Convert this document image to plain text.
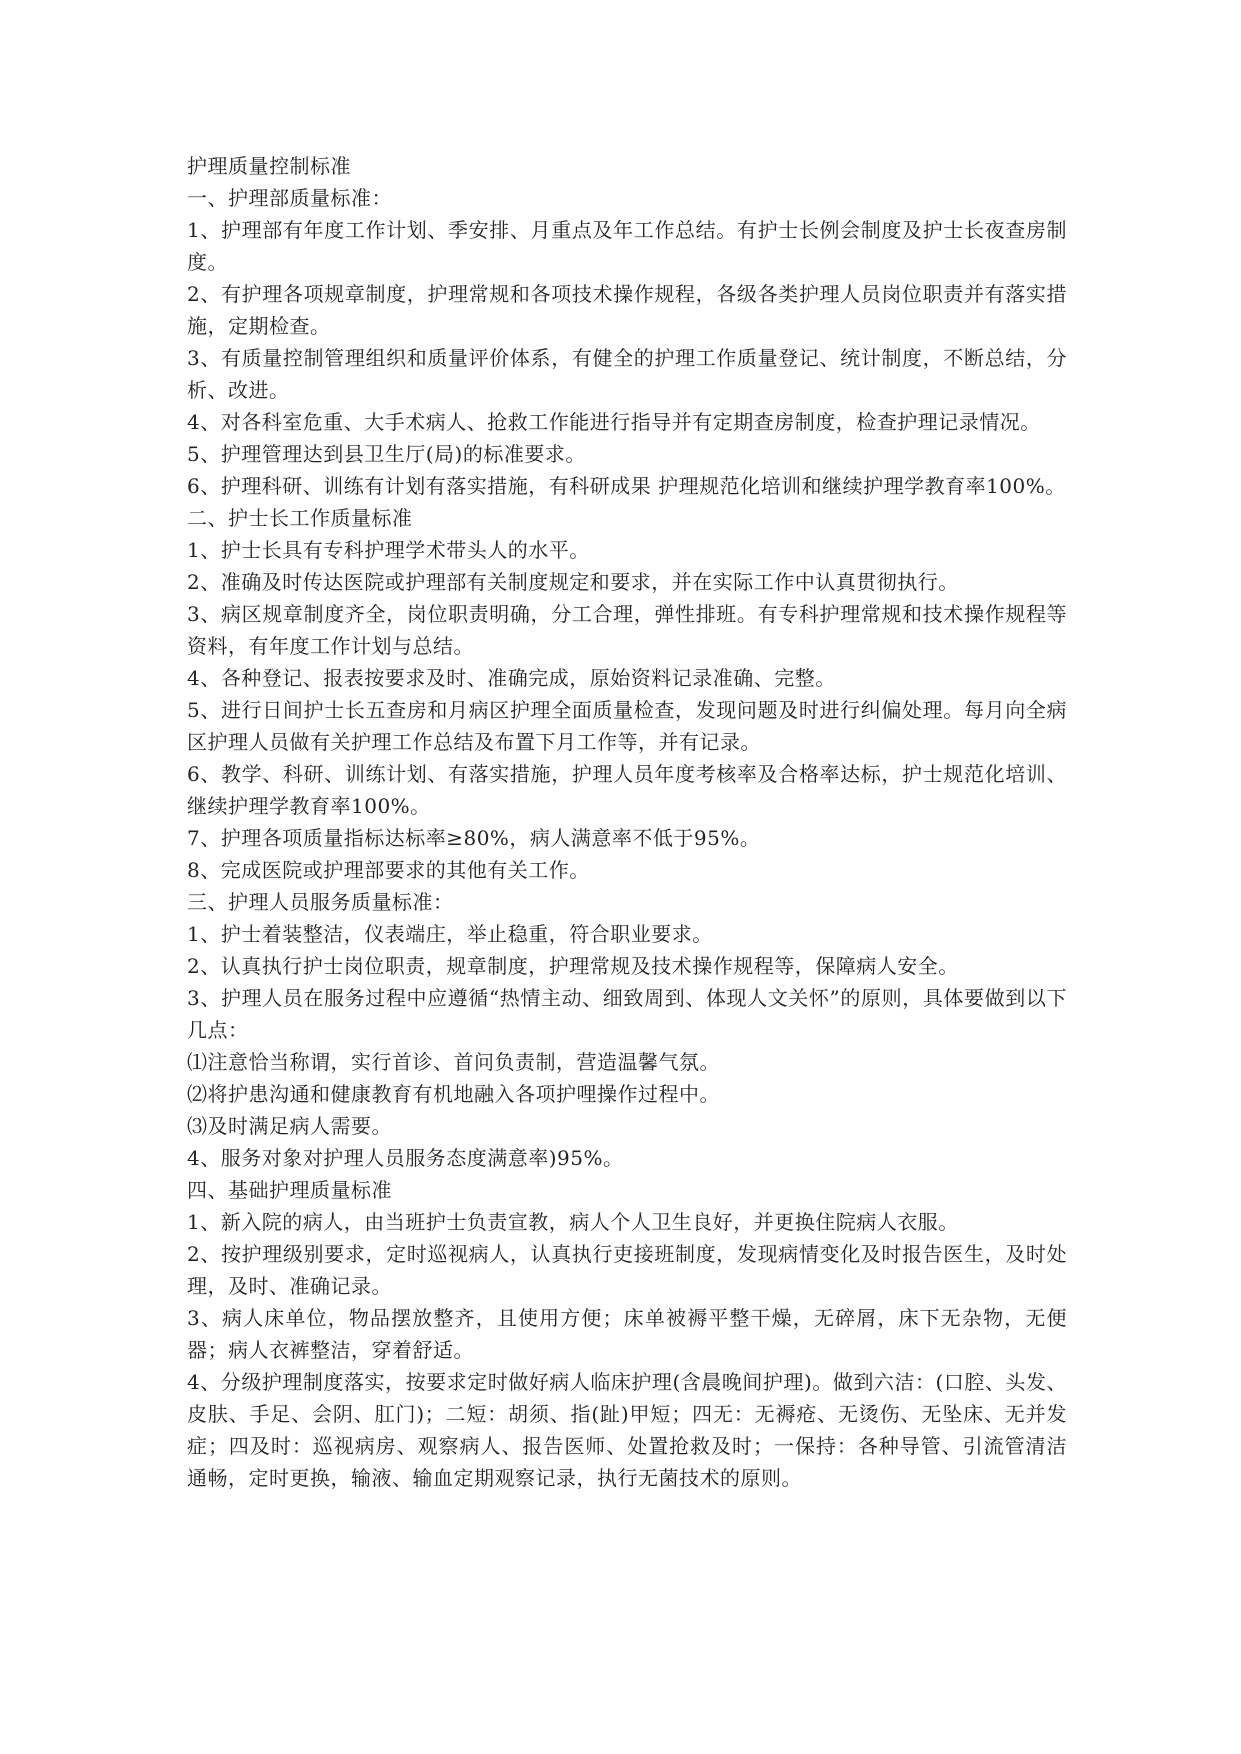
护理质量控制标准

一、护理部质量标准：

1、护理部有年度工作计划、季安排、月重点及年工作总结。有护士长例会制度及护士长夜查房制度。

2、有护理各项规章制度，护理常规和各项技术操作规程，各级各类护理人员岗位职责并有落实措施，定期检查。

3、有质量控制管理组织和质量评价体系，有健全的护理工作质量登记、统计制度，不断总结，分析、改进。

4、对各科室危重、大手术病人、抢救工作能进行指导并有定期查房制度，检查护理记录情况。

5、护理管理达到县卫生厅(局)的标准要求。

6、护理科研、训练有计划有落实措施，有科研成果 护理规范化培训和继续护理学教育率100%。

二、护士长工作质量标准

1、护士长具有专科护理学术带头人的水平。

2、准确及时传达医院或护理部有关制度规定和要求，并在实际工作中认真贯彻执行。

3、病区规章制度齐全，岗位职责明确，分工合理，弹性排班。有专科护理常规和技术操作规程等资料，有年度工作计划与总结。

4、各种登记、报表按要求及时、准确完成，原始资料记录准确、完整。

5、进行日间护士长五查房和月病区护理全面质量检查，发现问题及时进行纠偏处理。每月向全病区护理人员做有关护理工作总结及布置下月工作等，并有记录。

6、教学、科研、训练计划、有落实措施，护理人员年度考核率及合格率达标，护士规范化培训、继续护理学教育率100%。

7、护理各项质量指标达标率≥80%，病人满意率不低于95%。

8、完成医院或护理部要求的其他有关工作。

三、护理人员服务质量标准：

1、护士着装整洁，仪表端庄，举止稳重，符合职业要求。

2、认真执行护士岗位职责，规章制度，护理常规及技术操作规程等，保障病人安全。

3、护理人员在服务过程中应遵循“热情主动、细致周到、体现人文关怀”的原则，具体要做到以下几点：

⑴注意恰当称谓，实行首诊、首问负责制，营造温馨气氛。

⑵将护患沟通和健康教育有机地融入各项护哩操作过程中。

⑶及时满足病人需要。

4、服务对象对护理人员服务态度满意率)95%。

四、基础护理质量标准

1、新入院的病人，由当班护士负责宣教，病人个人卫生良好，并更换住院病人衣服。

2、按护理级别要求，定时巡视病人，认真执行吏接班制度，发现病情变化及时报告医生，及时处理，及时、准确记录。

3、病人床单位，物品摆放整齐，且使用方便；床单被褥平整干燥，无碎屑，床下无杂物，无便器；病人衣裤整洁，穿着舒适。

4、分级护理制度落实，按要求定时做好病人临床护理(含晨晚间护理)。做到六洁：(口腔、头发、皮肤、手足、会阴、肛门)；二短：胡须、指(趾)甲短；四无：无褥疮、无烫伤、无坠床、无并发症；四及时：巡视病房、观察病人、报告医师、处置抢救及时；一保持：各种导管、引流管清洁通畅，定时更换，输液、输血定期观察记录，执行无菌技术的原则。
